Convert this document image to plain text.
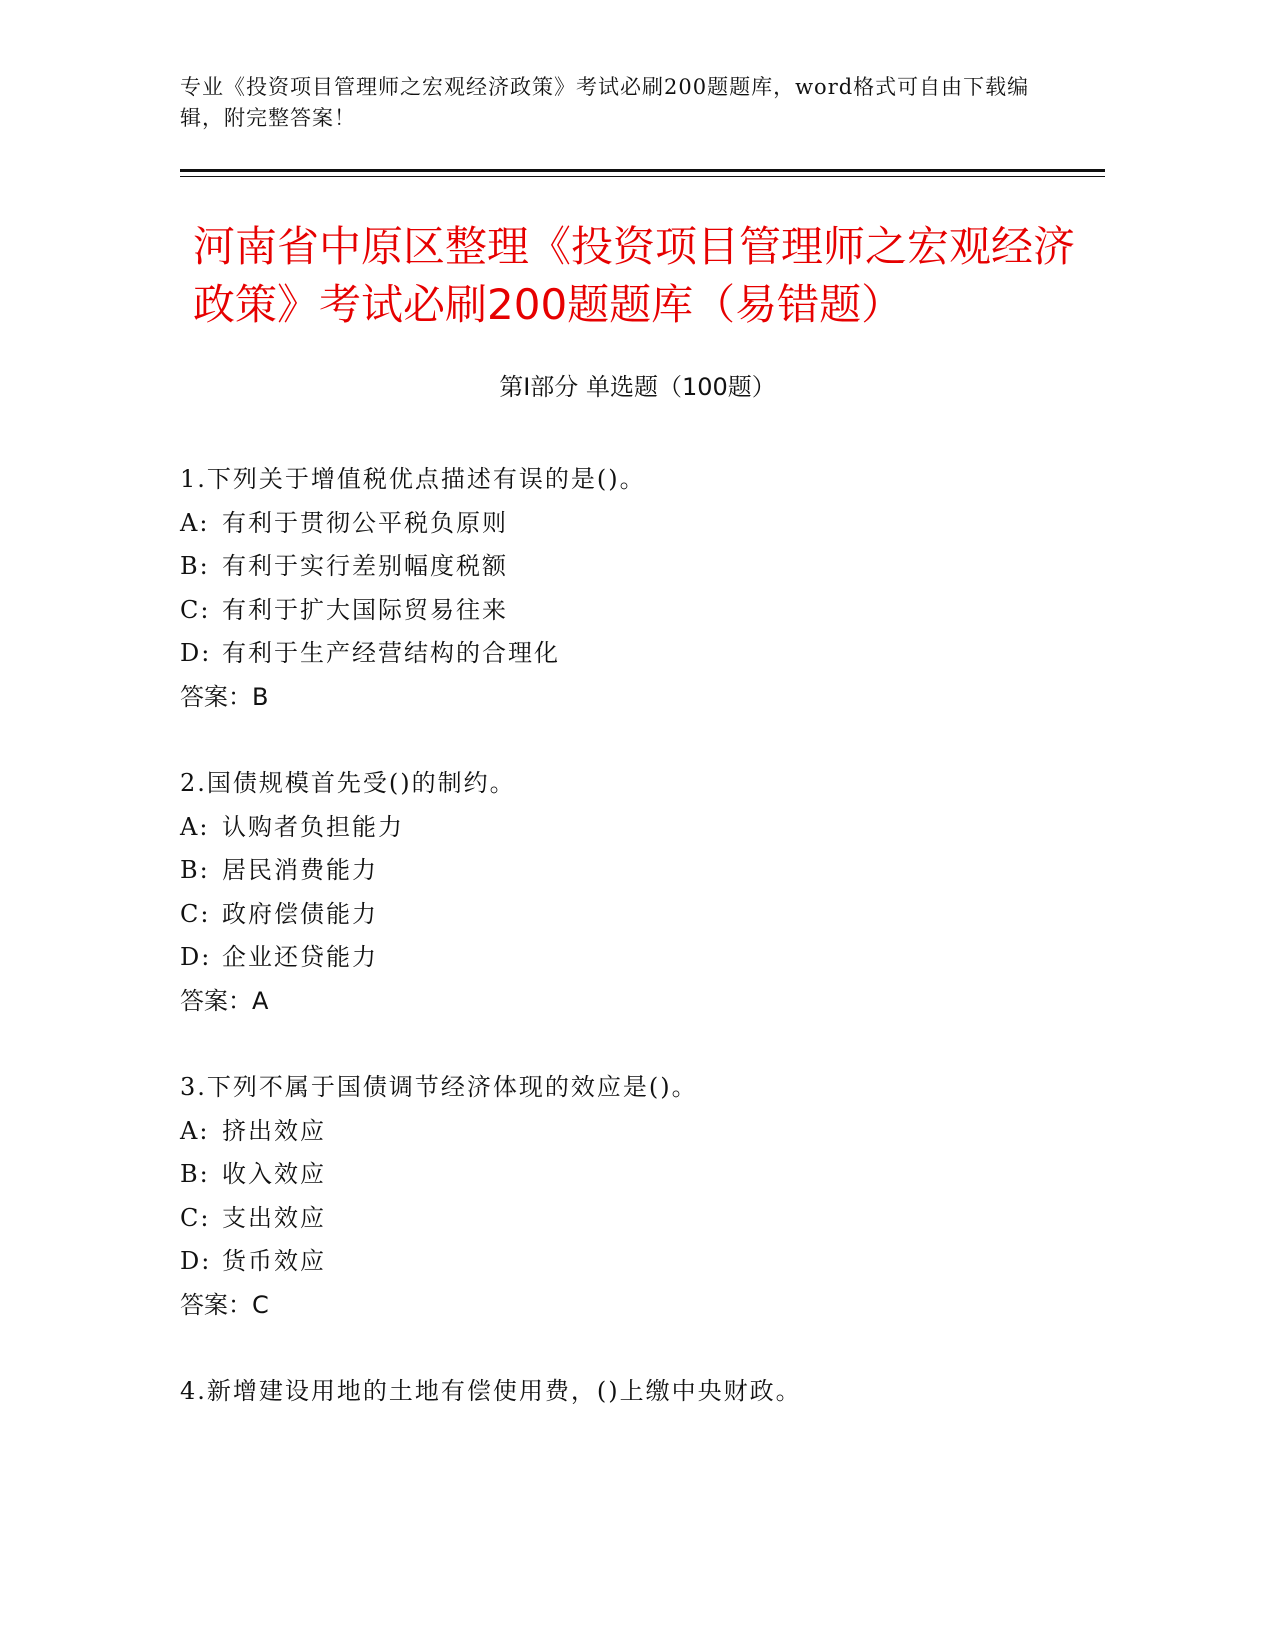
专业《投资项目管理师之宏观经济政策》考试必刷200题题库，word格式可自由下载编辑，附完整答案！
河南省中原区整理《投资项目管理师之宏观经济政策》考试必刷200题题库（易错题）
第Ⅰ部分 单选题（100题）
1.下列关于增值税优点描述有误的是()。
A: 有利于贯彻公平税负原则
B: 有利于实行差别幅度税额
C: 有利于扩大国际贸易往来
D: 有利于生产经营结构的合理化
答案：B
2.国债规模首先受()的制约。
A: 认购者负担能力
B: 居民消费能力
C: 政府偿债能力
D: 企业还贷能力
答案：A
3.下列不属于国债调节经济体现的效应是()。
A: 挤出效应
B: 收入效应
C: 支出效应
D: 货币效应
答案：C
4.新增建设用地的土地有偿使用费，()上缴中央财政。
